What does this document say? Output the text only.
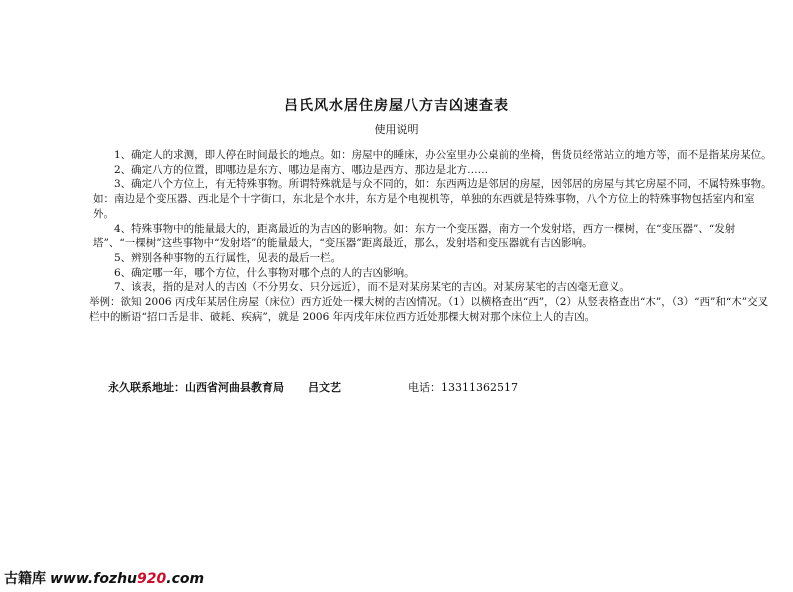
吕氏风水居住房屋八方吉凶速查表
使用说明

1、确定人的求测，即人停在时间最长的地点。如：房屋中的睡床，办公室里办公桌前的坐椅，售货员经常站立的地方等，而不是指某房某位。

2、确定八方的位置，即哪边是东方、哪边是南方、哪边是西方、那边是北方……

3、确定八个方位上，有无特殊事物。所谓特殊就是与众不同的，如：东西两边是邻居的房屋，因邻居的房屋与其它房屋不同，不属特殊事物。如：南边是个变压器、西北是个十字街口，东北是个水井，东方是个电视机等，单独的东西就是特殊事物，八个方位上的特殊事物包括室内和室外。

4、特殊事物中的能量最大的，距离最近的为吉凶的影响物。如：东方一个变压器，南方一个发射塔，西方一棵树，在“变压器”、“发射塔”、“一棵树”这些事物中“发射塔”的能量最大，“变压器”距离最近，那么，发射塔和变压器就有吉凶影响。

5、辨别各种事物的五行属性，见表的最后一栏。

6、确定哪一年，哪个方位，什么事物对哪个点的人的吉凶影响。

7、该表，指的是对人的吉凶（不分男女、只分远近），而不是对某房某宅的吉凶。对某房某宅的吉凶毫无意义。

举例：欲知 2006 丙戌年某居住房屋（床位）西方近处一棵大树的吉凶情况。（1）以横格查出“西”，（2）从竖表格查出“木”，（3）“西”和“木”交叉栏中的断语“招口舌是非、破耗、疾病”，就是 2006 年丙戌年床位西方近处那棵大树对那个床位上人的吉凶。

永久联系地址：山西省河曲县教育局 吕文艺	电话：13311362517
古籍库 www.fozhu920.com
